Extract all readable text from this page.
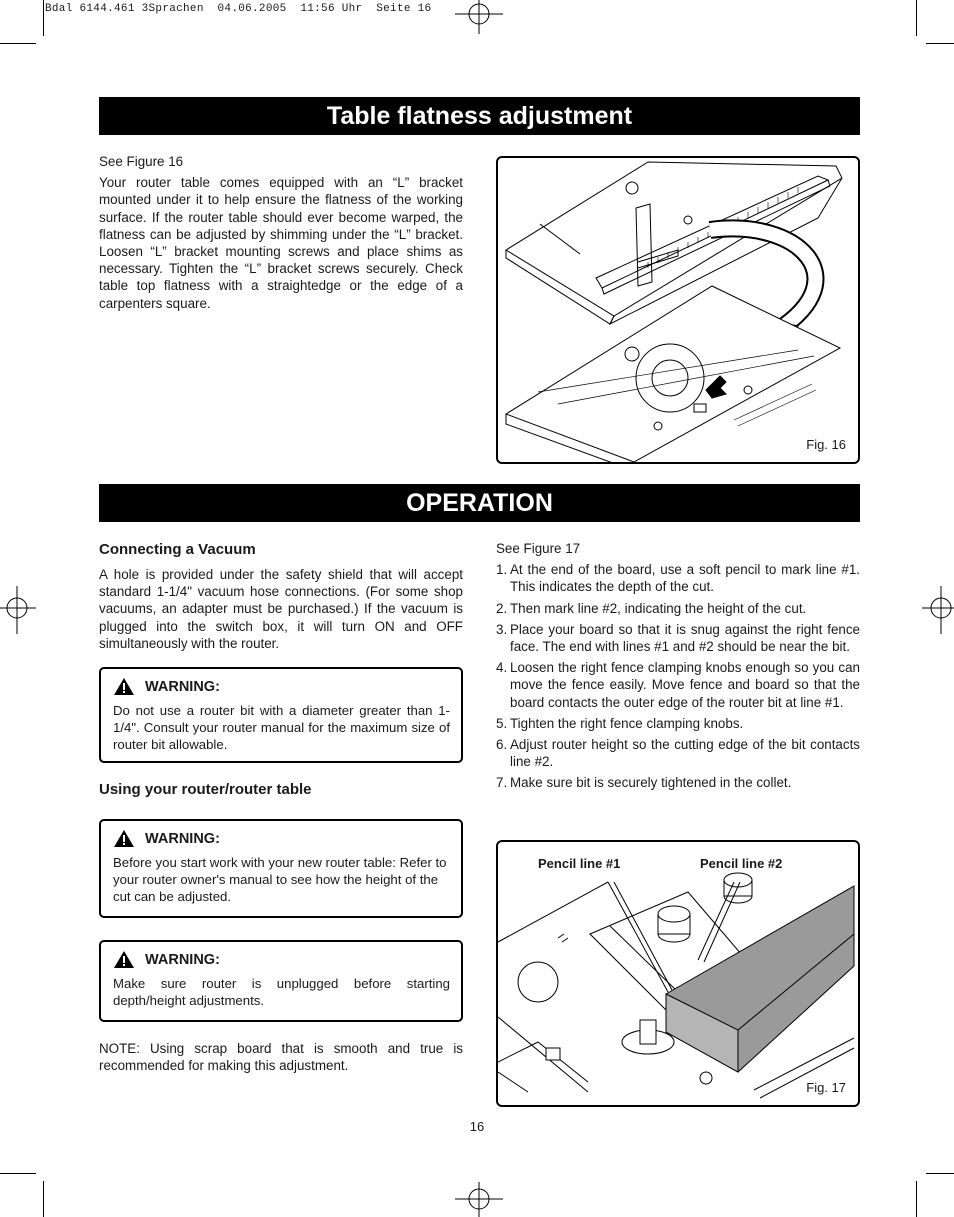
Bdal 6144.461 3Sprachen  04.06.2005  11:56 Uhr  Seite 16
Table flatness adjustment

See Figure 16

Your router table comes equipped with an “L” bracket mounted under it to help ensure the flatness of the working surface. If the router table should ever become warped, the flatness can be adjusted by shimming under the “L” bracket. Loosen “L” bracket mounting screws and place shims as necessary. Tighten the “L” bracket screws securely. Check table top flatness with a straightedge or the edge of a carpenters square.

Fig. 16
OPERATION
Connecting a Vacuum
A hole is provided under the safety shield that will accept standard 1-1/4" vacuum hose connections. (For some shop vacuums, an adapter must be purchased.) If the vacuum is plugged into the switch box, it will turn ON and OFF simultaneously with the router.
WARNING:
Do not use a router bit with a diameter greater than 1-1/4". Consult your router manual for the maximum size of router bit allowable.
Using your router/router table
WARNING:
Before you start work with your new router table: Refer to your router owner's manual to see how the height of the cut can be adjusted.
WARNING:
Make sure router is unplugged before starting depth/height adjustments.
NOTE: Using scrap board that is smooth and true is recommended for making this adjustment.
See Figure 17
1. At the end of the board, use a soft pencil to mark line #1. This indicates the depth of the cut.
2. Then mark line #2, indicating the height of the cut.
3. Place your board so that it is snug against the right fence face. The end with lines #1 and #2 should be near the bit.
4. Loosen the right fence clamping knobs enough so you can move the fence easily. Move fence and board so that the board contacts the outer edge of the router bit at line #1.
5. Tighten the right fence clamping knobs.
6. Adjust router height so the cutting edge of the bit contacts line #2.
7. Make sure bit is securely tightened in the collet.
Pencil line #1	Pencil line #2
Fig. 17
16
